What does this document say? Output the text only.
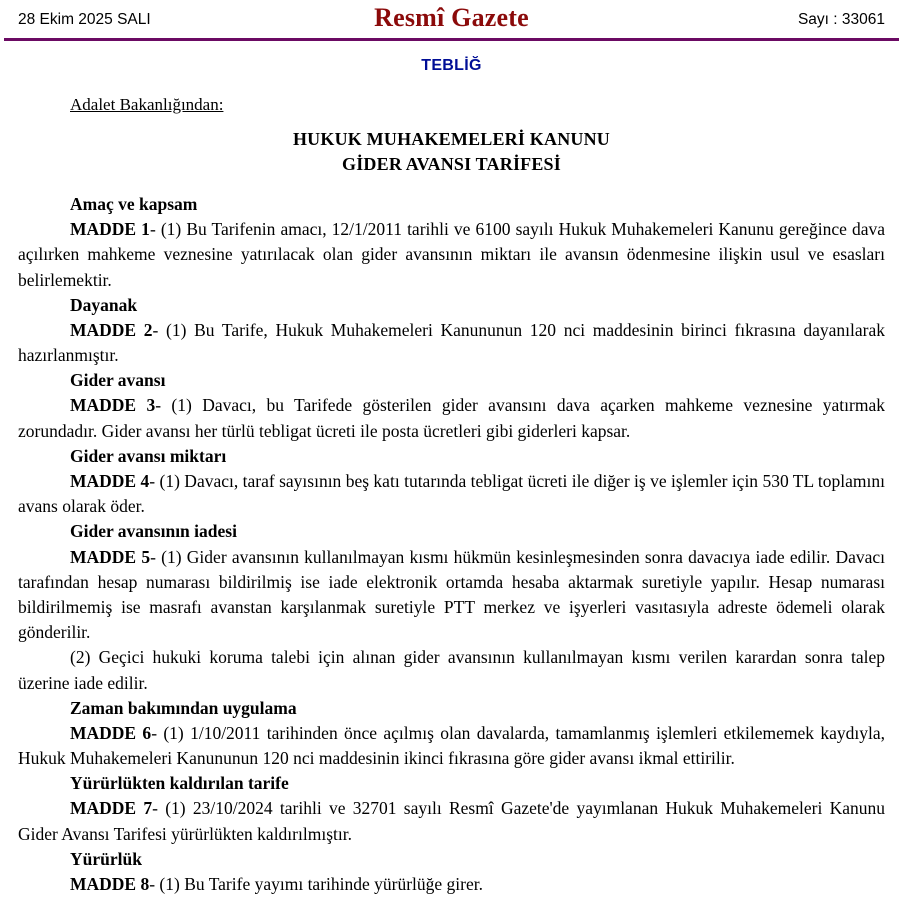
28 Ekim 2025 SALI	Sayı : 33061
Resmî Gazete
TEBLİĞ
Adalet Bakanlığından:
HUKUK MUHAKEMELERİ KANUNU
GİDER AVANSI TARİFESİ
Amaç ve kapsam

MADDE 1- (1) Bu Tarifenin amacı, 12/1/2011 tarihli ve 6100 sayılı Hukuk Muhakemeleri Kanunu gereğince dava açılırken mahkeme veznesine yatırılacak olan gider avansının miktarı ile avansın ödenmesine ilişkin usul ve esasları belirlemektir.

Dayanak

MADDE 2- (1) Bu Tarife, Hukuk Muhakemeleri Kanununun 120 nci maddesinin birinci fıkrasına dayanılarak hazırlanmıştır.

Gider avansı

MADDE 3- (1) Davacı, bu Tarifede gösterilen gider avansını dava açarken mahkeme veznesine yatırmak zorundadır. Gider avansı her türlü tebligat ücreti ile posta ücretleri gibi giderleri kapsar.

Gider avansı miktarı

MADDE 4- (1) Davacı, taraf sayısının beş katı tutarında tebligat ücreti ile diğer iş ve işlemler için 530 TL toplamını avans olarak öder.

Gider avansının iadesi

MADDE 5- (1) Gider avansının kullanılmayan kısmı hükmün kesinleşmesinden sonra davacıya iade edilir. Davacı tarafından hesap numarası bildirilmiş ise iade elektronik ortamda hesaba aktarmak suretiyle yapılır. Hesap numarası bildirilmemiş ise masrafı avanstan karşılanmak suretiyle PTT merkez ve işyerleri vasıtasıyla adreste ödemeli olarak gönderilir.

(2) Geçici hukuki koruma talebi için alınan gider avansının kullanılmayan kısmı verilen karardan sonra talep üzerine iade edilir.

Zaman bakımından uygulama

MADDE 6- (1) 1/10/2011 tarihinden önce açılmış olan davalarda, tamamlanmış işlemleri etkilememek kaydıyla, Hukuk Muhakemeleri Kanununun 120 nci maddesinin ikinci fıkrasına göre gider avansı ikmal ettirilir.

Yürürlükten kaldırılan tarife

MADDE 7- (1) 23/10/2024 tarihli ve 32701 sayılı Resmî Gazete'de yayımlanan Hukuk Muhakemeleri Kanunu Gider Avansı Tarifesi yürürlükten kaldırılmıştır.

Yürürlük

MADDE 8- (1) Bu Tarife yayımı tarihinde yürürlüğe girer.
